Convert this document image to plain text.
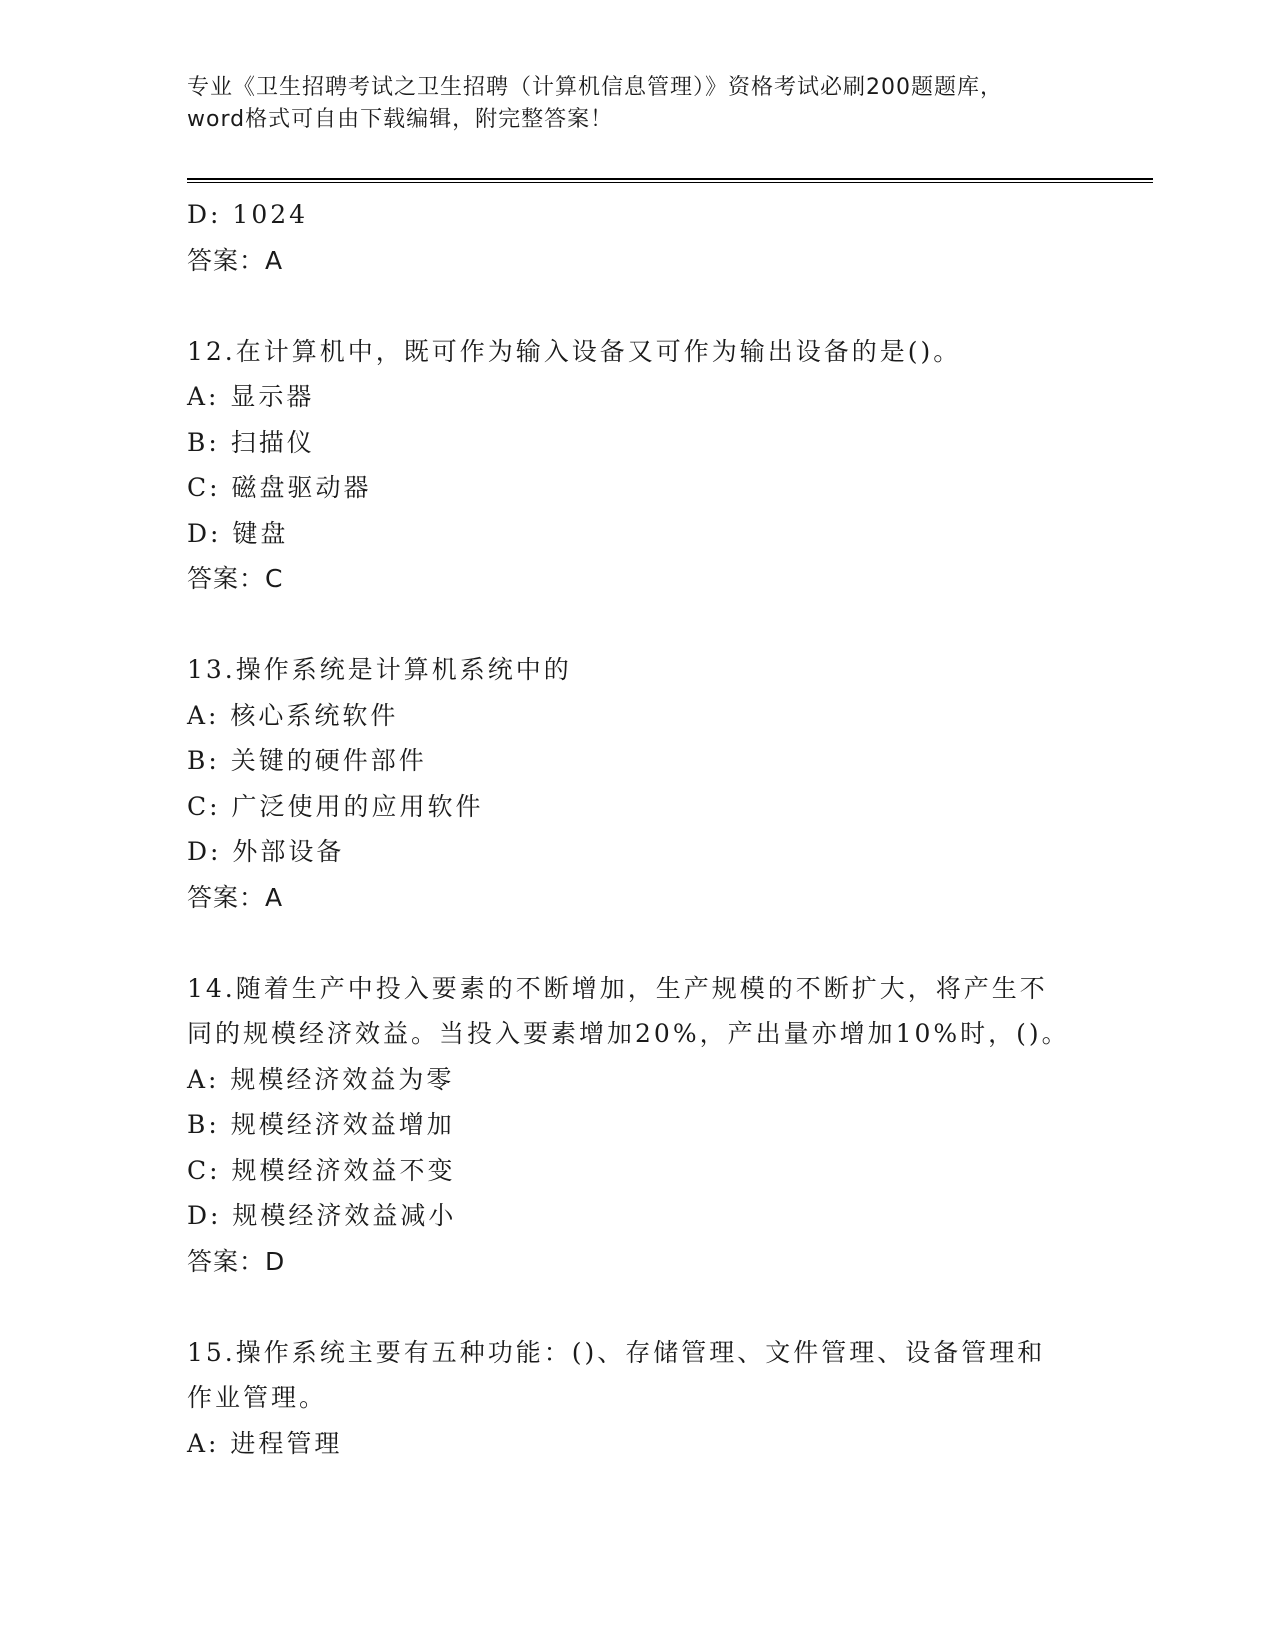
专业《卫生招聘考试之卫生招聘（计算机信息管理）》资格考试必刷200题题库，
word格式可自由下载编辑，附完整答案！
D: 1024
答案：A
12.在计算机中，既可作为输入设备又可作为输出设备的是()。
A: 显示器
B: 扫描仪
C: 磁盘驱动器
D: 键盘
答案：C
13.操作系统是计算机系统中的
A: 核心系统软件
B: 关键的硬件部件
C: 广泛使用的应用软件
D: 外部设备
答案：A
14.随着生产中投入要素的不断增加，生产规模的不断扩大，将产生不
同的规模经济效益。当投入要素增加20%，产出量亦增加10%时，()。
A: 规模经济效益为零
B: 规模经济效益增加
C: 规模经济效益不变
D: 规模经济效益减小
答案：D
15.操作系统主要有五种功能：()、存储管理、文件管理、设备管理和
作业管理。
A: 进程管理
